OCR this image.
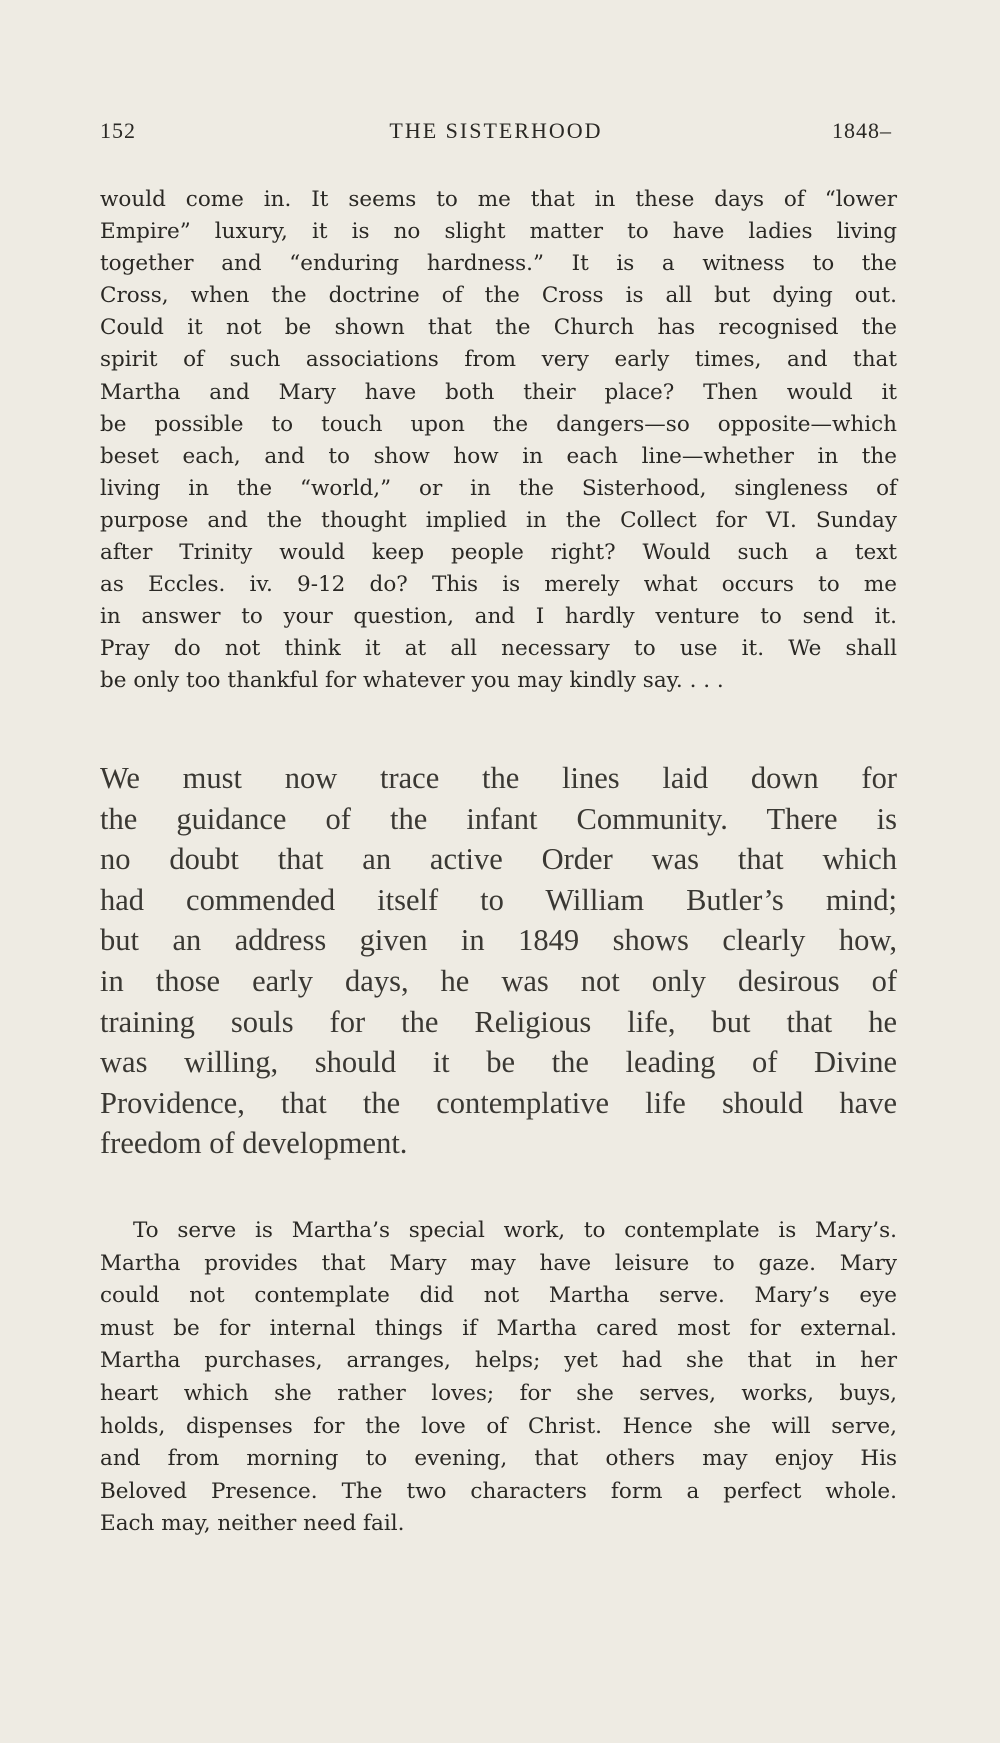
152	THE SISTERHOOD	1848–
would come in. It seems to me that in these days of “lower
Empire” luxury, it is no slight matter to have ladies living
together and “enduring hardness.” It is a witness to the
Cross, when the doctrine of the Cross is all but dying out.
Could it not be shown that the Church has recognised the
spirit of such associations from very early times, and that
Martha and Mary have both their place? Then would it
be possible to touch upon the dangers—so opposite—which
beset each, and to show how in each line—whether in the
living in the “world,” or in the Sisterhood, singleness of
purpose and the thought implied in the Collect for VI. Sunday
after Trinity would keep people right? Would such a text
as Eccles. iv. 9-12 do? This is merely what occurs to me
in answer to your question, and I hardly venture to send it.
Pray do not think it at all necessary to use it. We shall
be only too thankful for whatever you may kindly say. . . .
We must now trace the lines laid down for
the guidance of the infant Community. There is
no doubt that an active Order was that which
had commended itself to William Butler’s mind;
but an address given in 1849 shows clearly how,
in those early days, he was not only desirous of
training souls for the Religious life, but that he
was willing, should it be the leading of Divine
Providence, that the contemplative life should have
freedom of development.
To serve is Martha’s special work, to contemplate is Mary’s.
Martha provides that Mary may have leisure to gaze. Mary
could not contemplate did not Martha serve. Mary’s eye
must be for internal things if Martha cared most for external.
Martha purchases, arranges, helps; yet had she that in her
heart which she rather loves; for she serves, works, buys,
holds, dispenses for the love of Christ. Hence she will serve,
and from morning to evening, that others may enjoy His
Beloved Presence. The two characters form a perfect whole.
Each may, neither need fail.
